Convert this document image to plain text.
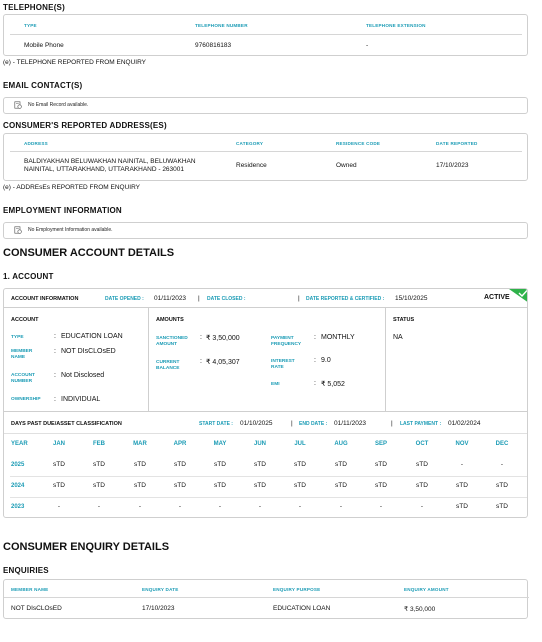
TELEPHONE(S)
TYPE	TELEPHONE NUMBER	TELEPHONE EXTENSION
Mobile Phone	9760816183	-
(e) - TELEPHONE REPORTED FROM ENQUIRY
EMAIL CONTACT(S)
No Email Record available.
CONSUMER'S REPORTED ADDRESS(ES)
ADDRESS	CATEGORY	RESIDENCE CODE	DATE REPORTED
BALDIYAKHAN BELUWAKHAN NAINITAL, BELUWAKHAN
NAINITAL, UTTARAKHAND, UTTARAKHAND - 263001
Residence	Owned	17/10/2023
(e) - ADDREsEs REPORTED FROM ENQUIRY
EMPLOYMENT INFORMATION
No Employment Information available.
CONSUMER ACCOUNT DETAILS
1. ACCOUNT
ACCOUNT INFORMATION	DATE OPENED : 01/11/2023 | DATE CLOSED :	| DATE REPORTED & CERTIFIED : 15/10/2025	ACTIVE
ACCOUNT
TYPE	: EDUCATION LOAN
MEMBER
NAME
: NOT DIsCLOsED
ACCOUNT
NUMBER
: Not Disclosed
OWNERSHIP : INDIVIDUAL
AMOUNTS
SANCTIONED
AMOUNT
: ₹ 3,50,000
CURRENT
BALANCE
: ₹ 4,05,307
PAYMENT
FREQUENCY
: MONTHLY
INTEREST
RATE
: 9.0
EMI	: ₹ 5,052
STATUS
NA
DAYS PAST DUE/ASSET CLASSIFICATION	START DATE : 01/10/2025	| END DATE : 01/11/2023	| LAST PAYMENT : 01/02/2024
YEAR	JAN	FEB	MAR	APR	MAY	JUN	JUL	AUG	SEP	OCT	NOV	DEC
2025	sTD	sTD	sTD	sTD	sTD	sTD	sTD	sTD	sTD	sTD	-	-
2024	sTD	sTD	sTD	sTD	sTD	sTD	sTD	sTD	sTD	sTD	sTD	sTD
2023	-	-	-	-	-	-	-	-	-	-	sTD	sTD
CONSUMER ENQUIRY DETAILS
ENQUIRIES
MEMBER NAME	ENQUIRY DATE	ENQUIRY PURPOSE	ENQUIRY AMOUNT
NOT DIsCLOsED	17/10/2023	EDUCATION LOAN	₹ 3,50,000
